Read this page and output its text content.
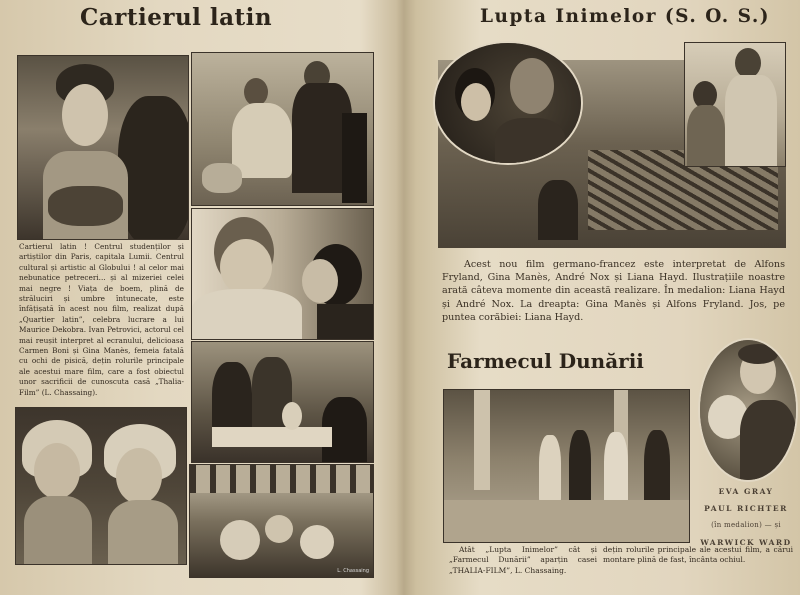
Cartierul latin
Cartierul latin ! Centrul studenților și artiștilor din Paris, capitala Lumii. Centrul cultural și artistic al Globului ! al celor mai nebunatice petreceri... și al mizeriei celei mai negre ! Viața de boem, plină de străluciri și umbre întunecate, este înfățișată în acest nou film, realizat după „Quartier latin”, celebra lucrare a lui Maurice Dekobra. Ivan Petrovici, actorul cel mai reușit interpret al ecranului, delicioasa Carmen Boni și Gina Manès, femeia fatală cu ochi de pisică, dețin rolurile principale ale acestui mare film, care a fost obiectul unor sacrificii de cunoscuta casă „Thalia-Film” (L. Chassaing).
L. Chassaing
Lupta Inimelor (S. O. S.)
Acest nou film germano-francez este interpretat de Alfons Fryland, Gina Manès, André Nox și Liana Hayd. Ilustrațiile noastre arată câteva momente din această realizare. În medalion: Liana Hayd și André Nox. La dreapta: Gina Manès și Alfons Fryland. Jos, pe puntea corăbiei: Liana Hayd.
Farmecul Dunării
EVA GRAY
PAUL RICHTER
(în medalion) — și
WARWICK WARD
Atât „Lupta Inimelor” cât și „Farmecul Dunării” aparțin casei „THALIA-FILM”, L. Chassaing.
dețin rolurile principale ale acestui film, a cărui montare plină de fast, încânta ochiul.
